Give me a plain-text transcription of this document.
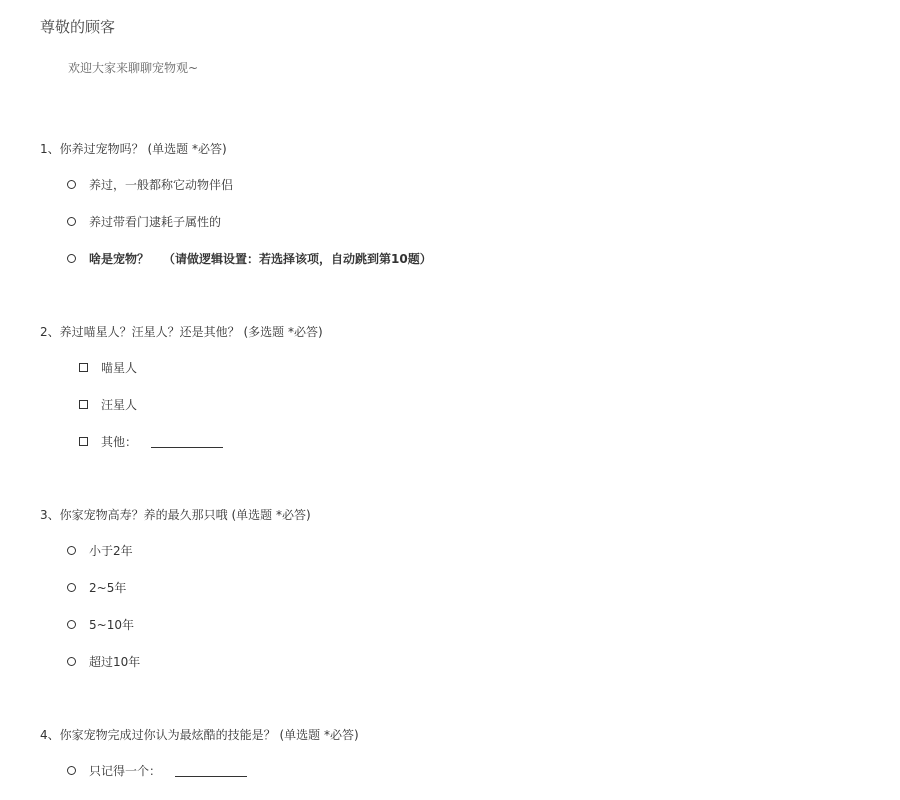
尊敬的顾客
欢迎大家来聊聊宠物观~
1、你养过宠物吗？ (单选题 *必答)
养过，一般都称它动物伴侣
养过带看门逮耗子属性的
啥是宠物？ （请做逻辑设置：若选择该项，自动跳到第10题）
2、养过喵星人？汪星人？还是其他？ (多选题 *必答)
喵星人
汪星人
其他：
3、你家宠物高寿？养的最久那只哦 (单选题 *必答)
小于2年
2~5年
5~10年
超过10年
4、你家宠物完成过你认为最炫酷的技能是？ (单选题 *必答)
只记得一个：
